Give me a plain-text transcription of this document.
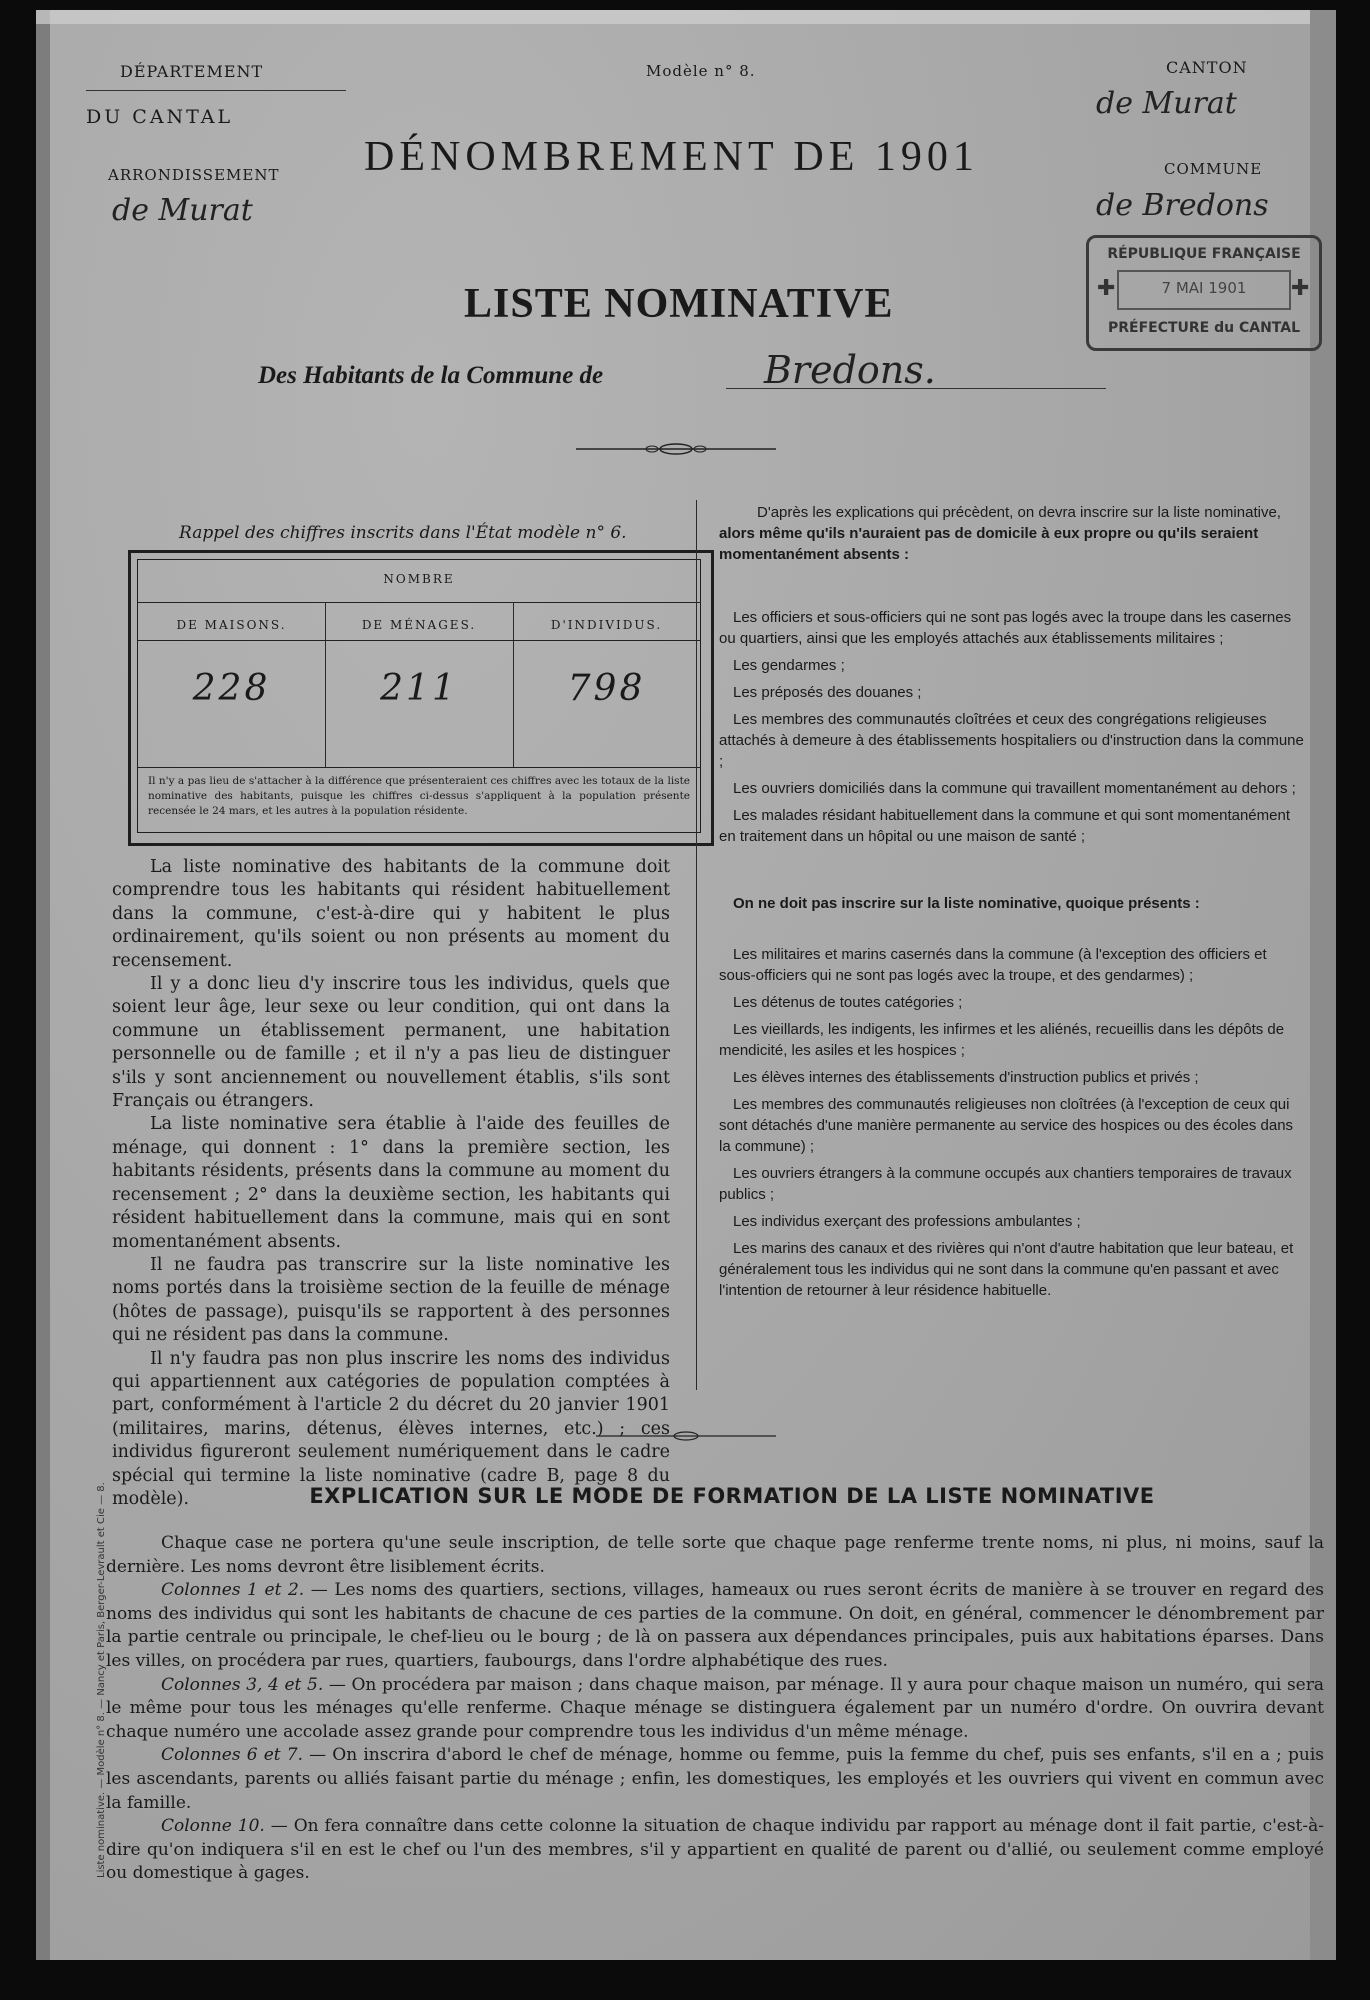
DÉPARTEMENT
DU CANTAL
ARRONDISSEMENT
de Murat
Modèle n° 8.
DÉNOMBREMENT DE 1901
CANTON
de Murat
COMMUNE
de Bredons
RÉPUBLIQUE FRANÇAISE
✚	✚
7 MAI 1901
PRÉFECTURE du CANTAL
LISTE NOMINATIVE
Des Habitants de la Commune de	Bredons.
Rappel des chiffres inscrits dans l'État modèle n° 6.
NOMBRE
DE MAISONS.	DE MÉNAGES.	D'INDIVIDUS.
228	211	798
Il n'y a pas lieu de s'attacher à la différence que présenteraient ces chiffres avec les totaux de la liste nominative des habitants, puisque les chiffres ci-dessus s'appliquent à la population présente recensée le 24 mars, et les autres à la population résidente.

La liste nominative des habitants de la commune doit comprendre tous les habitants qui résident habituellement dans la commune, c'est-à-dire qui y habitent le plus ordinairement, qu'ils soient ou non présents au moment du recensement.

Il y a donc lieu d'y inscrire tous les individus, quels que soient leur âge, leur sexe ou leur condition, qui ont dans la commune un établissement permanent, une habitation personnelle ou de famille ; et il n'y a pas lieu de distinguer s'ils y sont anciennement ou nouvellement établis, s'ils sont Français ou étrangers.

La liste nominative sera établie à l'aide des feuilles de ménage, qui donnent : 1° dans la première section, les habitants résidents, présents dans la commune au moment du recensement ; 2° dans la deuxième section, les habitants qui résident habituellement dans la commune, mais qui en sont momentanément absents.

Il ne faudra pas transcrire sur la liste nominative les noms portés dans la troisième section de la feuille de ménage (hôtes de passage), puisqu'ils se rapportent à des personnes qui ne résident pas dans la commune.

Il n'y faudra pas non plus inscrire les noms des individus qui appartiennent aux catégories de population comptées à part, conformément à l'article 2 du décret du 20 janvier 1901 (militaires, marins, détenus, élèves internes, etc.) ; ces individus figureront seulement numériquement dans le cadre spécial qui termine la liste nominative (cadre B, page 8 du modèle).

D'après les explications qui précèdent, on devra inscrire sur la liste nominative,
alors même qu'ils n'auraient pas de domicile à eux propre ou qu'ils seraient momentanément absents :
Les officiers et sous-officiers qui ne sont pas logés avec la troupe dans les casernes ou quartiers, ainsi que les employés attachés aux établissements militaires ;
Les gendarmes ;
Les préposés des douanes ;
Les membres des communautés cloîtrées et ceux des congrégations religieuses attachés à demeure à des établissements hospitaliers ou d'instruction dans la commune ;
Les ouvriers domiciliés dans la commune qui travaillent momentanément au dehors ;
Les malades résidant habituellement dans la commune et qui sont momentanément en traitement dans un hôpital ou une maison de santé ;
On ne doit pas inscrire sur la liste nominative, quoique présents :
Les militaires et marins casernés dans la commune (à l'exception des officiers et sous-officiers qui ne sont pas logés avec la troupe, et des gendarmes) ;
Les détenus de toutes catégories ;
Les vieillards, les indigents, les infirmes et les aliénés, recueillis dans les dépôts de mendicité, les asiles et les hospices ;
Les élèves internes des établissements d'instruction publics et privés ;
Les membres des communautés religieuses non cloîtrées (à l'exception de ceux qui sont détachés d'une manière permanente au service des hospices ou des écoles dans la commune) ;
Les ouvriers étrangers à la commune occupés aux chantiers temporaires de travaux publics ;
Les individus exerçant des professions ambulantes ;
Les marins des canaux et des rivières qui n'ont d'autre habitation que leur bateau, et généralement tous les individus qui ne sont dans la commune qu'en passant et avec l'intention de retourner à leur résidence habituelle.
EXPLICATION SUR LE MODE DE FORMATION DE LA LISTE NOMINATIVE

Chaque case ne portera qu'une seule inscription, de telle sorte que chaque page renferme trente noms, ni plus, ni moins, sauf la dernière. Les noms devront être lisiblement écrits.

Colonnes 1 et 2. — Les noms des quartiers, sections, villages, hameaux ou rues seront écrits de manière à se trouver en regard des noms des individus qui sont les habitants de chacune de ces parties de la commune. On doit, en général, commencer le dénombrement par la partie centrale ou principale, le chef-lieu ou le bourg ; de là on passera aux dépendances principales, puis aux habitations éparses. Dans les villes, on procédera par rues, quartiers, faubourgs, dans l'ordre alphabétique des rues.

Colonnes 3, 4 et 5. — On procédera par maison ; dans chaque maison, par ménage. Il y aura pour chaque maison un numéro, qui sera le même pour tous les ménages qu'elle renferme. Chaque ménage se distinguera également par un numéro d'ordre. On ouvrira devant chaque numéro une accolade assez grande pour comprendre tous les individus d'un même ménage.

Colonnes 6 et 7. — On inscrira d'abord le chef de ménage, homme ou femme, puis la femme du chef, puis ses enfants, s'il en a ; puis les ascendants, parents ou alliés faisant partie du ménage ; enfin, les domestiques, les employés et les ouvriers qui vivent en commun avec la famille.

Colonne 10. — On fera connaître dans cette colonne la situation de chaque individu par rapport au ménage dont il fait partie, c'est-à-dire qu'on indiquera s'il en est le chef ou l'un des membres, s'il y appartient en qualité de parent ou d'allié, ou seulement comme employé ou domestique à gages.

Liste nominative. — Modèle n° 8. — Nancy et Paris, Berger-Levrault et Cie — 8.
